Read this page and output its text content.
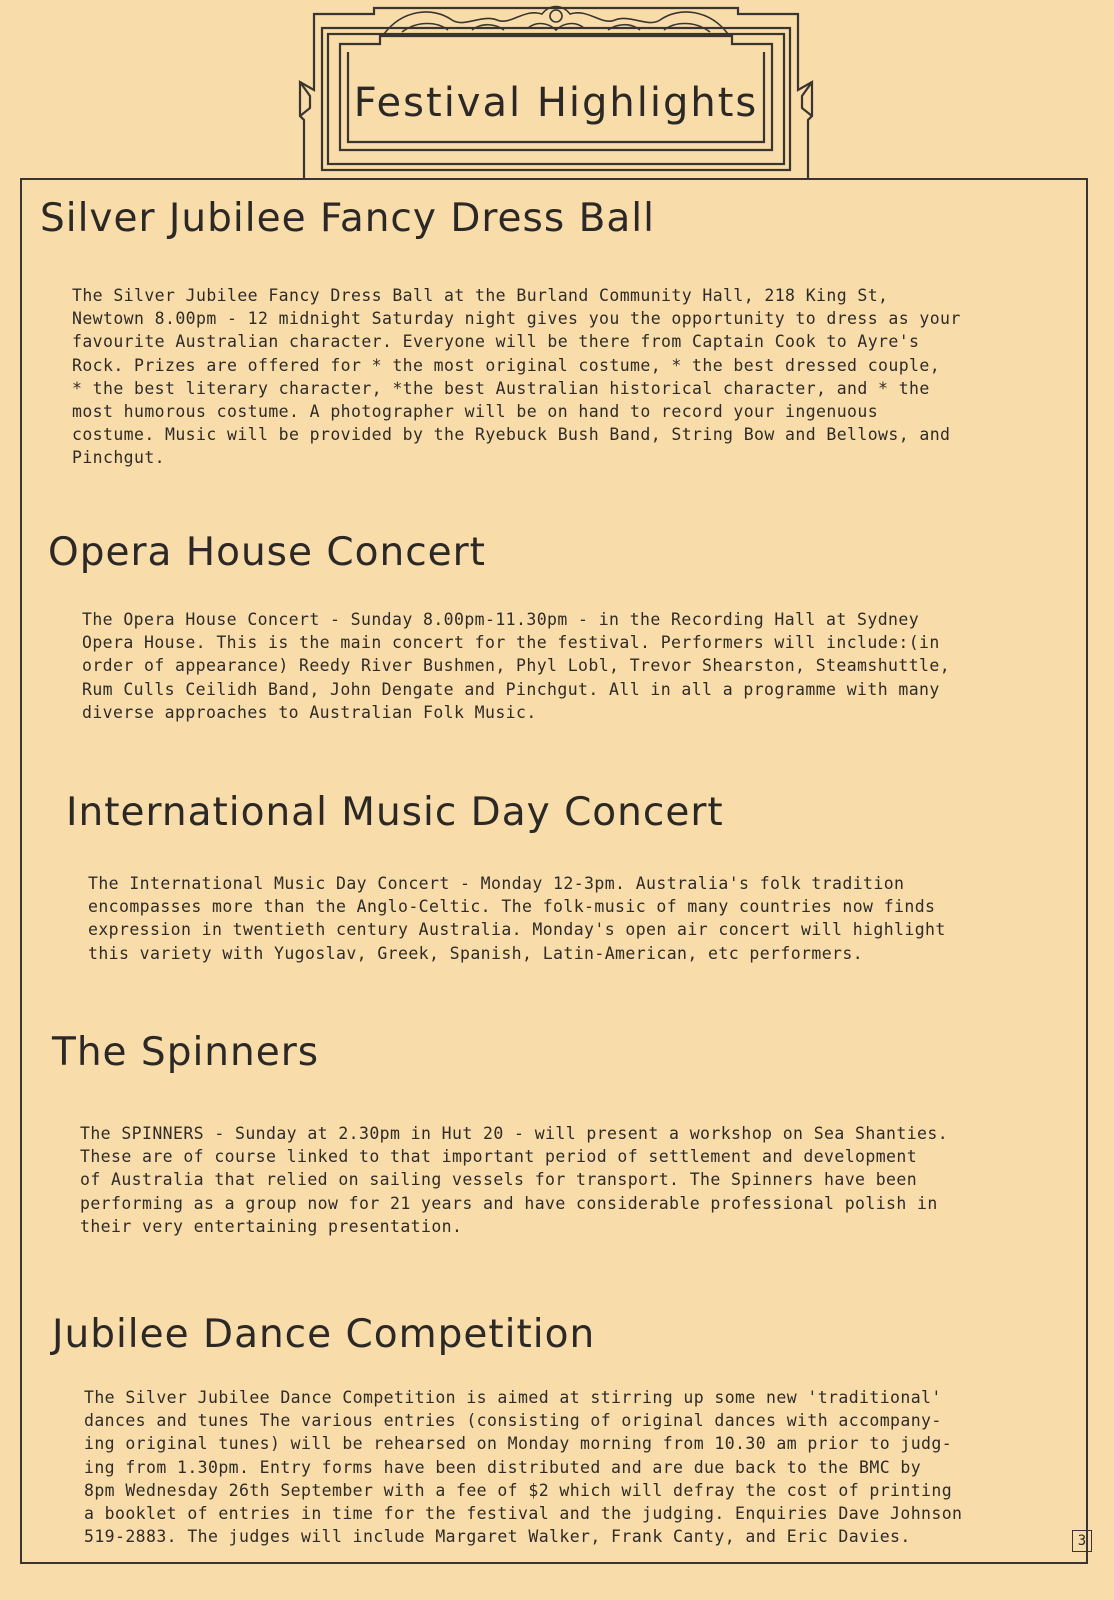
Festival Highlights
Silver Jubilee Fancy Dress Ball

The Silver Jubilee Fancy Dress Ball at the Burland Community Hall, 218 King St,
Newtown 8.00pm - 12 midnight Saturday night gives you the opportunity to dress as your
favourite Australian character. Everyone will be there from Captain Cook to Ayre's
Rock. Prizes are offered for * the most original costume, * the best dressed couple,
* the best literary character, *the best Australian historical character, and * the
most humorous costume. A photographer will be on hand to record your ingenuous
costume. Music will be provided by the Ryebuck Bush Band, String Bow and Bellows, and
Pinchgut.

Opera House Concert

The Opera House Concert - Sunday 8.00pm-11.30pm - in the Recording Hall at Sydney
Opera House. This is the main concert for the festival. Performers will include:(in
order of appearance) Reedy River Bushmen, Phyl Lobl, Trevor Shearston, Steamshuttle,
Rum Culls Ceilidh Band, John Dengate and Pinchgut. All in all a programme with many
diverse approaches to Australian Folk Music.

International Music Day Concert

The International Music Day Concert - Monday 12-3pm. Australia's folk tradition
encompasses more than the Anglo-Celtic. The folk-music of many countries now finds
expression in twentieth century Australia. Monday's open air concert will highlight
this variety with Yugoslav, Greek, Spanish, Latin-American, etc performers.

The Spinners

The SPINNERS - Sunday at 2.30pm in Hut 20 - will present a workshop on Sea Shanties.
These are of course linked to that important period of settlement and development
of Australia that relied on sailing vessels for transport. The Spinners have been
performing as a group now for 21 years and have considerable professional polish in
their very entertaining presentation.

Jubilee Dance Competition

The Silver Jubilee Dance Competition is aimed at stirring up some new 'traditional'
dances and tunes The various entries (consisting of original dances with accompany-
ing original tunes) will be rehearsed on Monday morning from 10.30 am prior to judg-
ing from 1.30pm. Entry forms have been distributed and are due back to the BMC by
8pm Wednesday 26th September with a fee of $2 which will defray the cost of printing
a booklet of entries in time for the festival and the judging. Enquiries Dave Johnson
519-2883. The judges will include Margaret Walker, Frank Canty, and Eric Davies.	3
